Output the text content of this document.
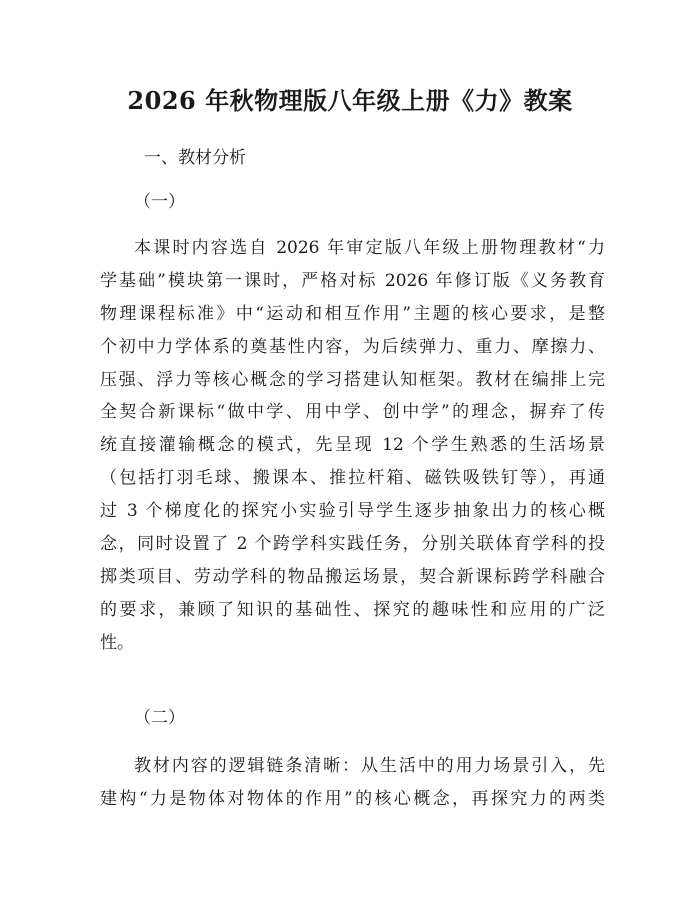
2026 年秋物理版八年级上册《力》教案
一、教材分析
（一）
本课时内容选自 2026 年审定版八年级上册物理教材“力
学基础”模块第一课时，严格对标 2026 年修订版《义务教育
物理课程标准》中“运动和相互作用”主题的核心要求，是整
个初中力学体系的奠基性内容，为后续弹力、重力、摩擦力、
压强、浮力等核心概念的学习搭建认知框架。教材在编排上完
全契合新课标“做中学、用中学、创中学”的理念，摒弃了传
统直接灌输概念的模式，先呈现 12 个学生熟悉的生活场景
（包括打羽毛球、搬课本、推拉杆箱、磁铁吸铁钉等），再通
过 3 个梯度化的探究小实验引导学生逐步抽象出力的核心概
念，同时设置了 2 个跨学科实践任务，分别关联体育学科的投
掷类项目、劳动学科的物品搬运场景，契合新课标跨学科融合
的要求，兼顾了知识的基础性、探究的趣味性和应用的广泛
性。
（二）
教材内容的逻辑链条清晰：从生活中的用力场景引入，先
建构“力是物体对物体的作用”的核心概念，再探究力的两类
